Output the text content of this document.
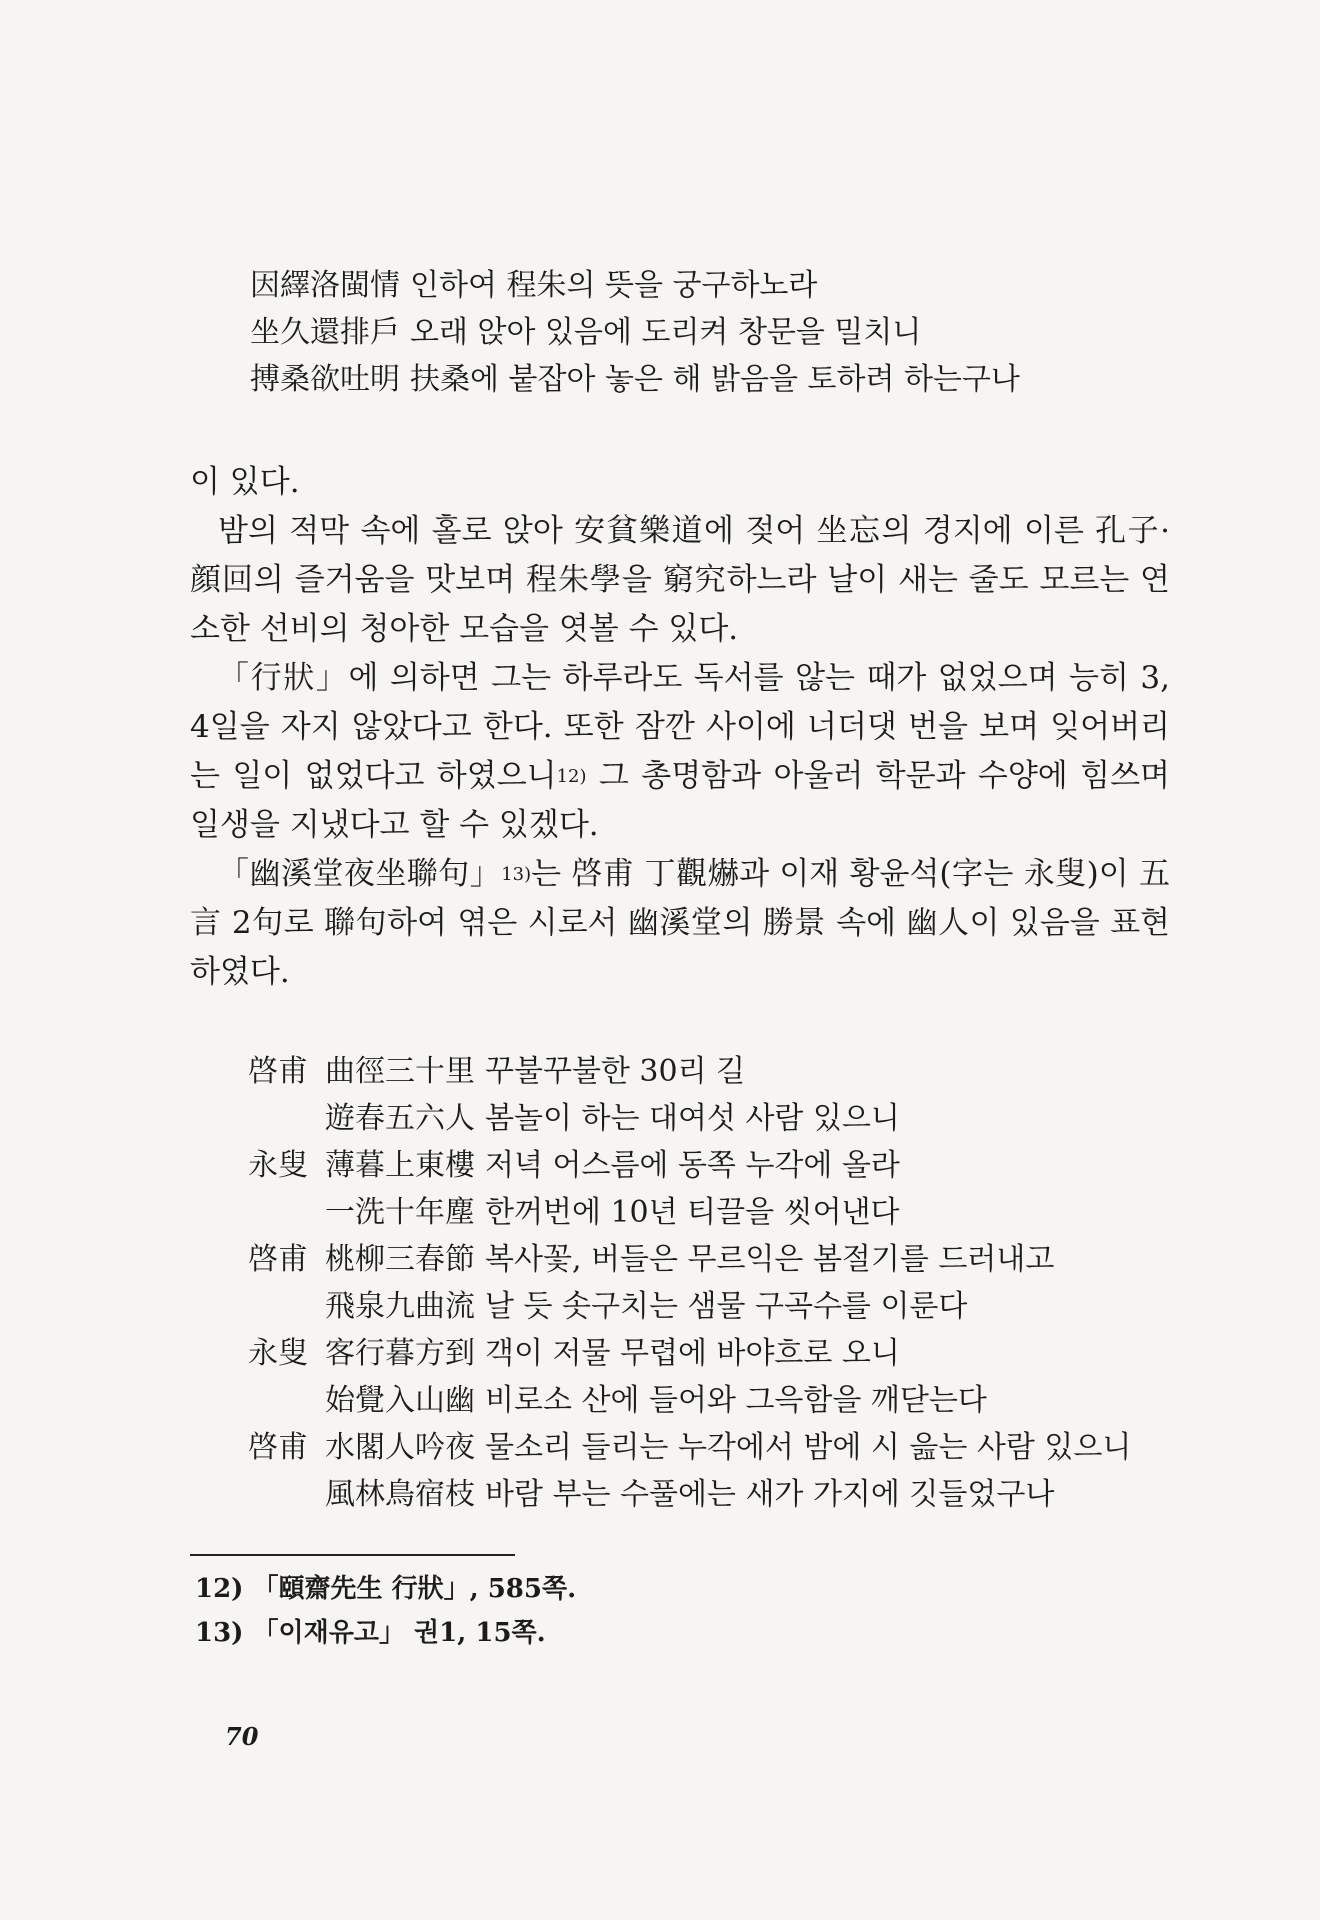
因繹洛閩情 인하여 程朱의 뜻을 궁구하노라
坐久還排戶 오래 앉아 있음에 도리켜 창문을 밀치니
搏桑欲吐明 扶桑에 붙잡아 놓은 해 밝음을 토하려 하는구나

이 있다.

밤의 적막 속에 홀로 앉아 安貧樂道에 젖어 坐忘의 경지에 이른 孔子·顔回의 즐거움을 맛보며 程朱學을 窮究하느라 날이 새는 줄도 모르는 연소한 선비의 청아한 모습을 엿볼 수 있다.

「行狀」에 의하면 그는 하루라도 독서를 않는 때가 없었으며 능히 3, 4일을 자지 않았다고 한다. 또한 잠깐 사이에 너더댓 번을 보며 잊어버리는 일이 없었다고 하였으니$^{12)}$ 그 총명함과 아울러 학문과 수양에 힘쓰며 일생을 지냈다고 할 수 있겠다.

「幽溪堂夜坐聯句」$^{13)}$는 啓甫 丁觀爀과 이재 황윤석(字는 永叟)이 五言 2句로 聯句하여 엮은 시로서 幽溪堂의 勝景 속에 幽人이 있음을 표현하였다.

啓甫 曲徑三十里 꾸불꾸불한 30리 길
遊春五六人 봄놀이 하는 대여섯 사람 있으니
永叟 薄暮上東樓 저녁 어스름에 동쪽 누각에 올라
一洗十年塵 한꺼번에 10년 티끌을 씻어낸다
啓甫 桃柳三春節 복사꽃, 버들은 무르익은 봄절기를 드러내고
飛泉九曲流 날 듯 솟구치는 샘물 구곡수를 이룬다
永叟 客行暮方到 객이 저물 무렵에 바야흐로 오니
始覺入山幽 비로소 산에 들어와 그윽함을 깨닫는다
啓甫 水閣人吟夜 물소리 들리는 누각에서 밤에 시 읊는 사람 있으니
風林鳥宿枝 바람 부는 수풀에는 새가 가지에 깃들었구나
12) 「頤齋先生 行狀」, 585쪽.
13) 「이재유고」 권1, 15쪽.
70
